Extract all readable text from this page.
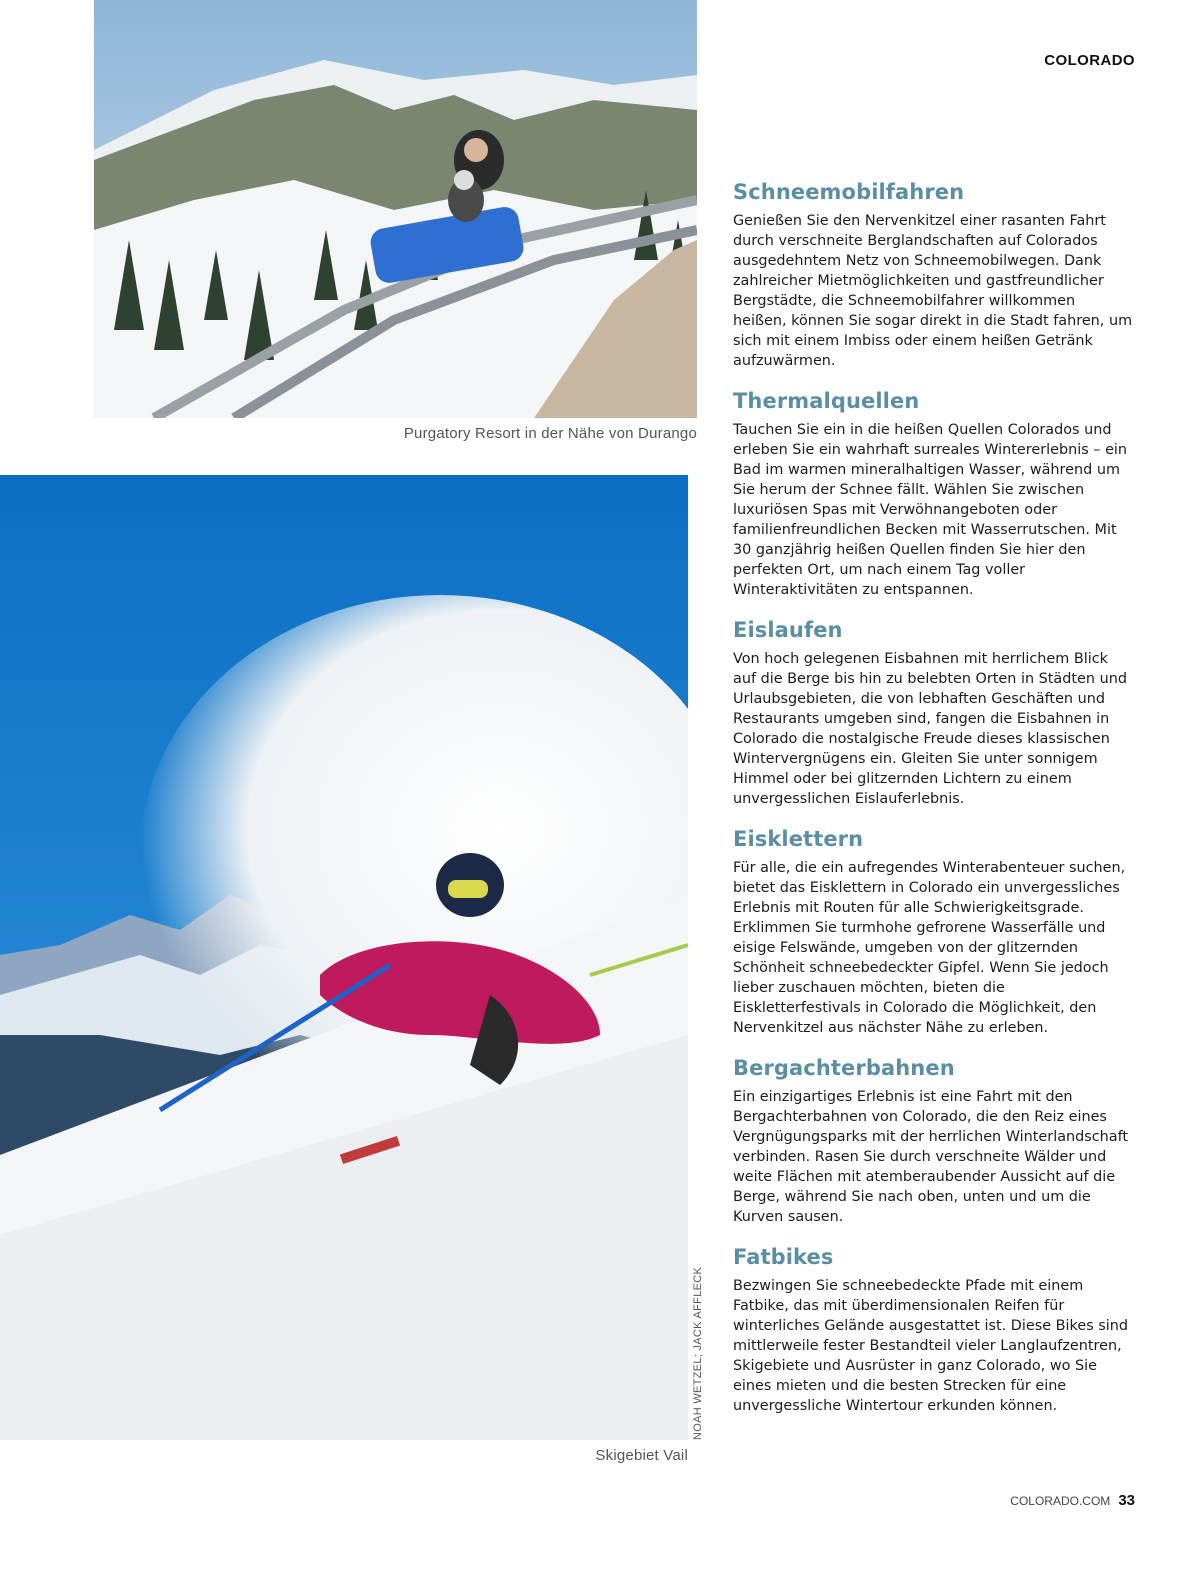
Purgatory Resort in der Nähe von Durango
Skigebiet Vail
NOAH WETZEL; JACK AFFLECK
COLORADO
Schneemobilfahren

Genießen Sie den Nervenkitzel einer rasanten Fahrt durch verschneite Berglandschaften auf Colorados ausgedehntem Netz von Schneemobilwegen. Dank zahlreicher Mietmöglichkeiten und gastfreundlicher Bergstädte, die Schneemobilfahrer willkommen heißen, können Sie sogar direkt in die Stadt fahren, um sich mit einem Imbiss oder einem heißen Getränk aufzuwärmen.

Thermalquellen

Tauchen Sie ein in die heißen Quellen Colorados und erleben Sie ein wahrhaft surreales Wintererlebnis – ein Bad im warmen mineralhaltigen Wasser, während um Sie herum der Schnee fällt. Wählen Sie zwischen luxuriösen Spas mit Verwöhnangeboten oder familienfreundlichen Becken mit Wasserrutschen. Mit 30 ganzjährig heißen Quellen finden Sie hier den perfekten Ort, um nach einem Tag voller Winteraktivitäten zu entspannen.

Eislaufen

Von hoch gelegenen Eisbahnen mit herrlichem Blick auf die Berge bis hin zu belebten Orten in Städten und Urlaubsgebieten, die von lebhaften Geschäften und Restaurants umgeben sind, fangen die Eisbahnen in Colorado die nostalgische Freude dieses klassischen Wintervergnügens ein. Gleiten Sie unter sonnigem Himmel oder bei glitzernden Lichtern zu einem unvergesslichen Eislauferlebnis.

Eisklettern

Für alle, die ein aufregendes Winterabenteuer suchen, bietet das Eisklettern in Colorado ein unvergessliches Erlebnis mit Routen für alle Schwierigkeitsgrade. Erklimmen Sie turmhohe gefrorene Wasserfälle und eisige Felswände, umgeben von der glitzernden Schönheit schneebedeckter Gipfel. Wenn Sie jedoch lieber zuschauen möchten, bieten die Eiskletterfestivals in Colorado die Möglichkeit, den Nervenkitzel aus nächster Nähe zu erleben.

Bergachterbahnen

Ein einzigartiges Erlebnis ist eine Fahrt mit den Bergachterbahnen von Colorado, die den Reiz eines Vergnügungsparks mit der herrlichen Winterlandschaft verbinden. Rasen Sie durch verschneite Wälder und weite Flächen mit atemberaubender Aussicht auf die Berge, während Sie nach oben, unten und um die Kurven sausen.

Fatbikes

Bezwingen Sie schneebedeckte Pfade mit einem Fatbike, das mit überdimensionalen Reifen für winterliches Gelände ausgestattet ist. Diese Bikes sind mittlerweile fester Bestandteil vieler Langlaufzentren, Skigebiete und Ausrüster in ganz Colorado, wo Sie eines mieten und die besten Strecken für eine unvergessliche Wintertour erkunden können.

COLORADO.COM 33
